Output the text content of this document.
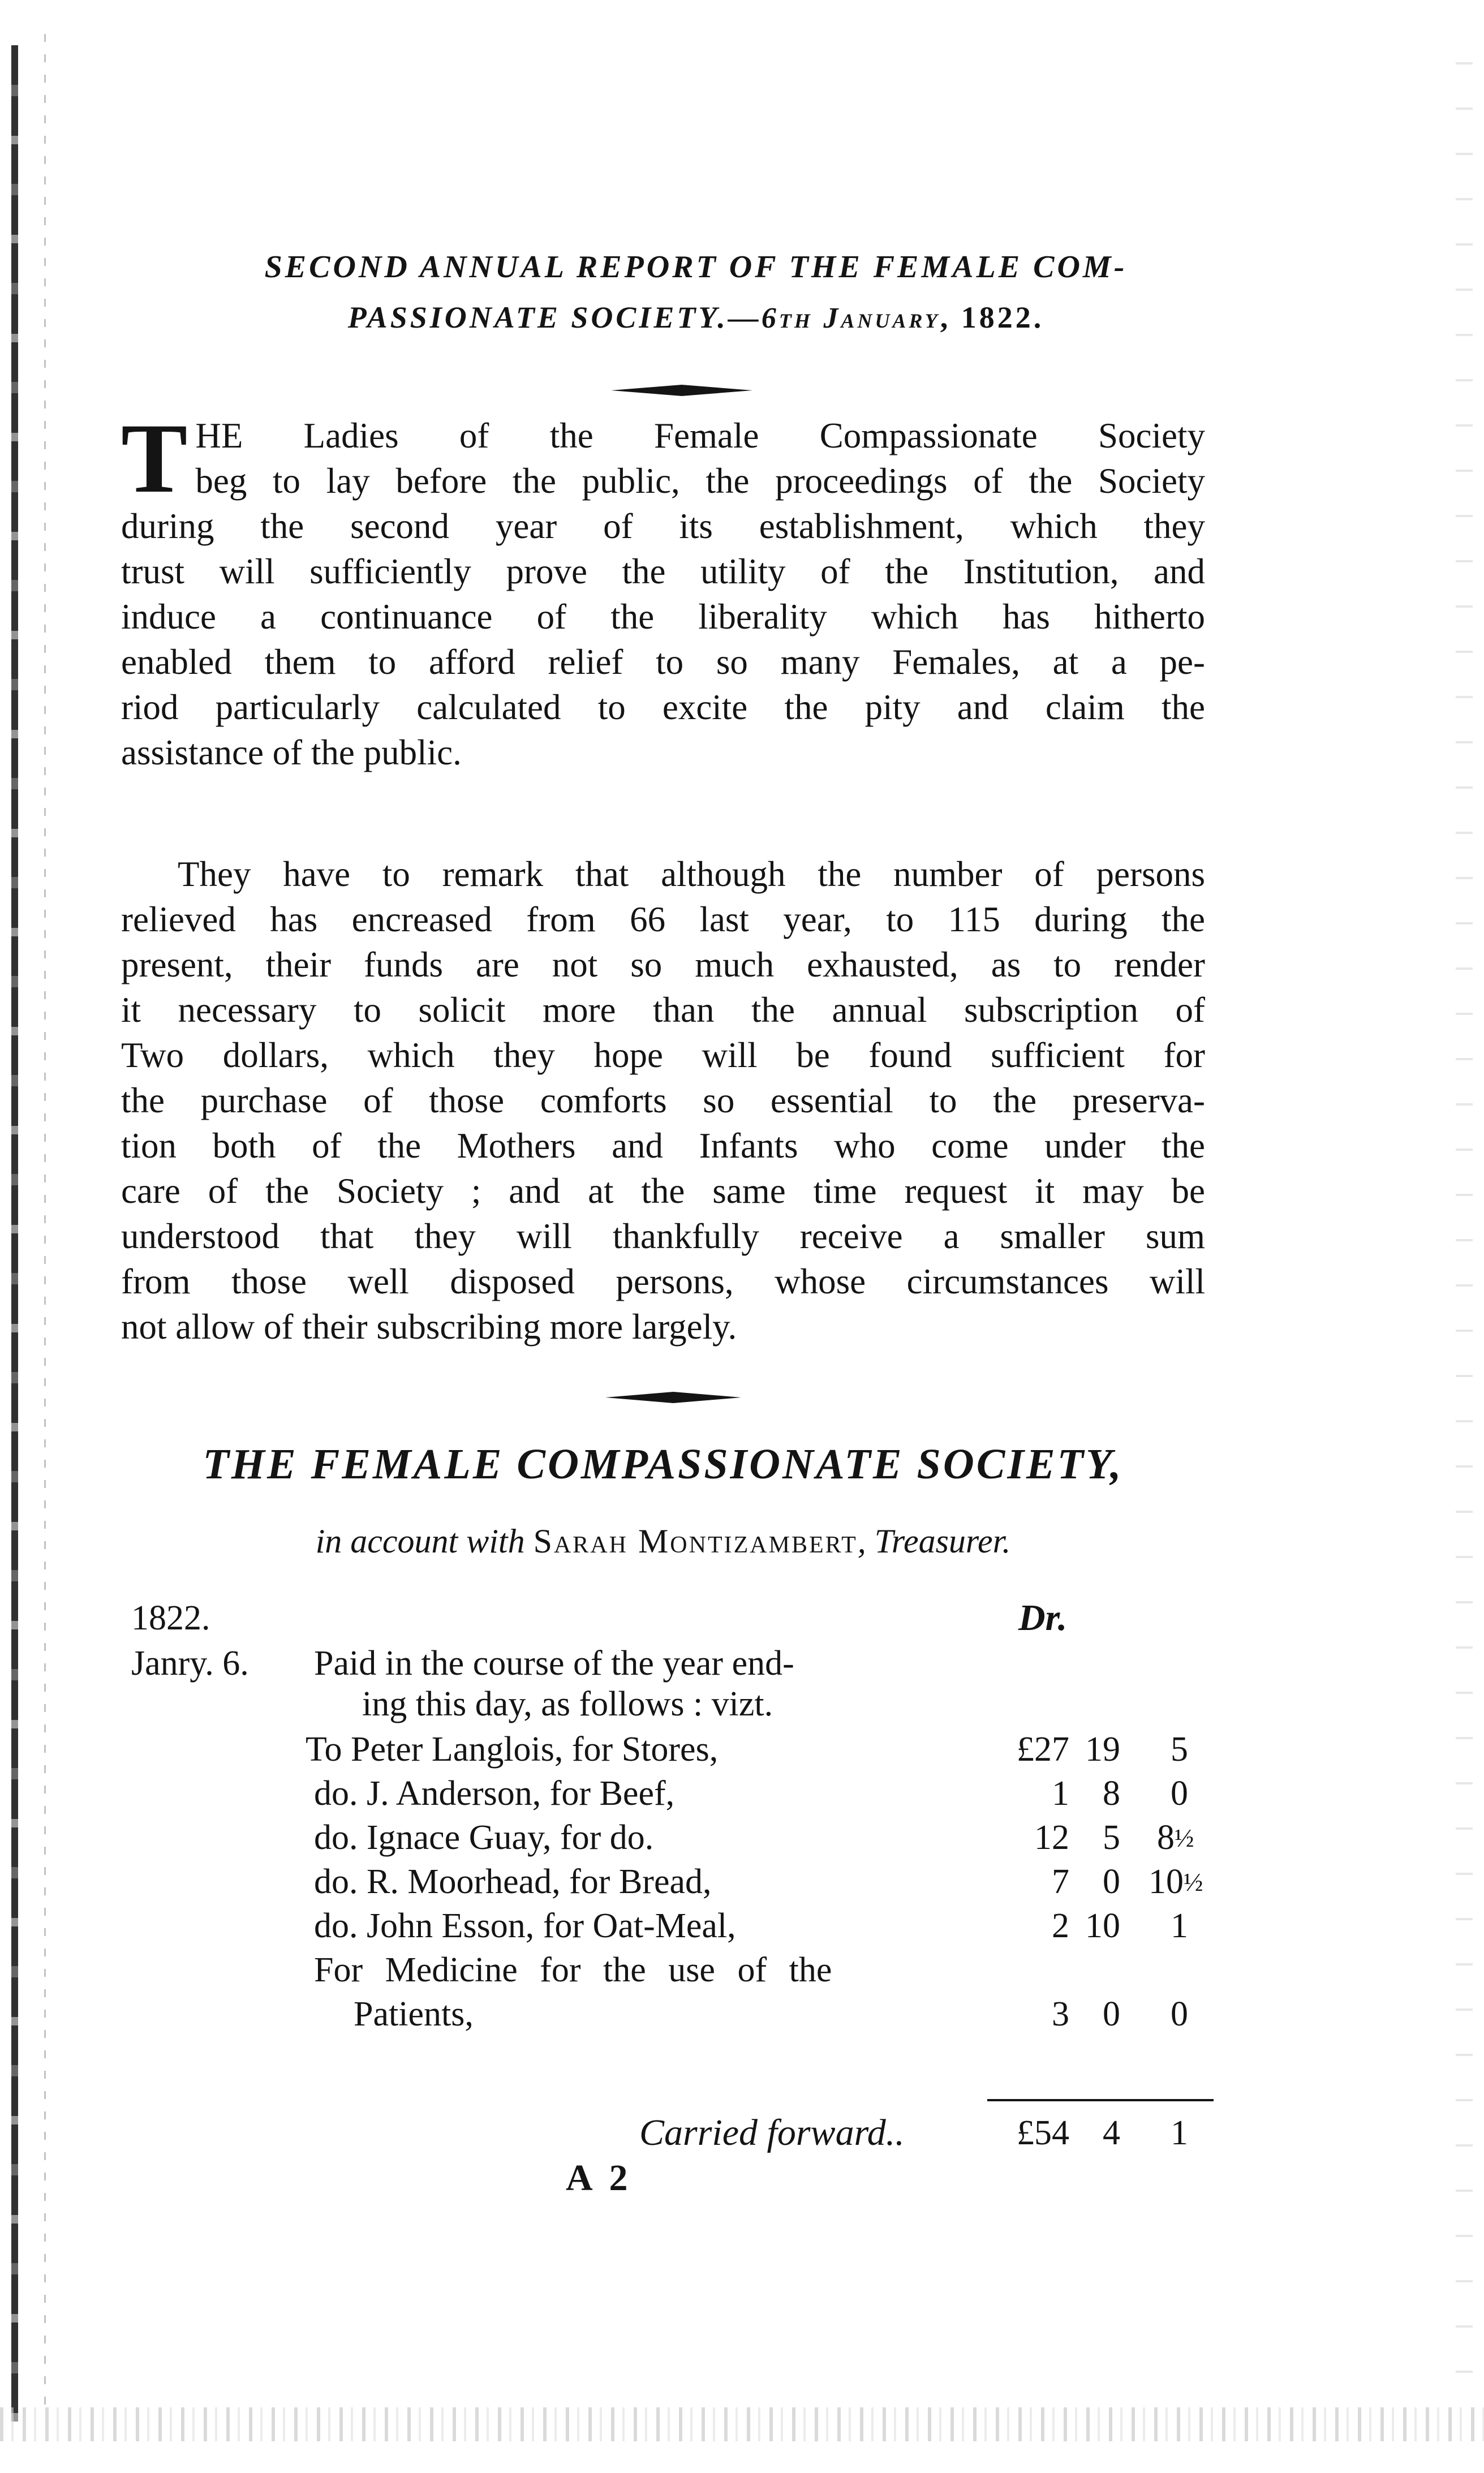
SECOND ANNUAL REPORT OF THE FEMALE COM-
PASSIONATE SOCIETY.—6th January, 1822.
T HE Ladies of the Female Compassionate Society
beg to lay before the public, the proceedings of the Society
during the second year of its establishment, which they
trust will sufficiently prove the utility of the Institution, and
induce a continuance of the liberality which has hitherto
enabled them to afford relief to so many Females, at a pe-
riod particularly calculated to excite the pity and claim the
assistance of the public.
They have to remark that although the number of persons
relieved has encreased from 66 last year, to 115 during the
present, their funds are not so much exhausted, as to render
it necessary to solicit more than the annual subscription of
Two dollars, which they hope will be found sufficient for
the purchase of those comforts so essential to the preserva-
tion both of the Mothers and Infants who come under the
care of the Society ; and at the same time request it may be
understood that they will thankfully receive a smaller sum
from those well disposed persons, whose circumstances will
not allow of their subscribing more largely.
THE FEMALE COMPASSIONATE SOCIETY,

in account with Sarah Montizambert, Treasurer.

1822.	Dr.
Janry. 6. Paid in the course of the year end-
ing this day, as follows : vizt.
To Peter Langlois, for Stores,	£27 19	5
do. J. Anderson, for Beef,	1 8	0
do. Ignace Guay, for do.	12 5 8½
do. R. Moorhead, for Bread,	7 0 10½
do. John Esson, for Oat-Meal,	2 10	1
For Medicine for the use of the
Patients,	3 0	0
Carried forward..	£54 4	1
A 2
